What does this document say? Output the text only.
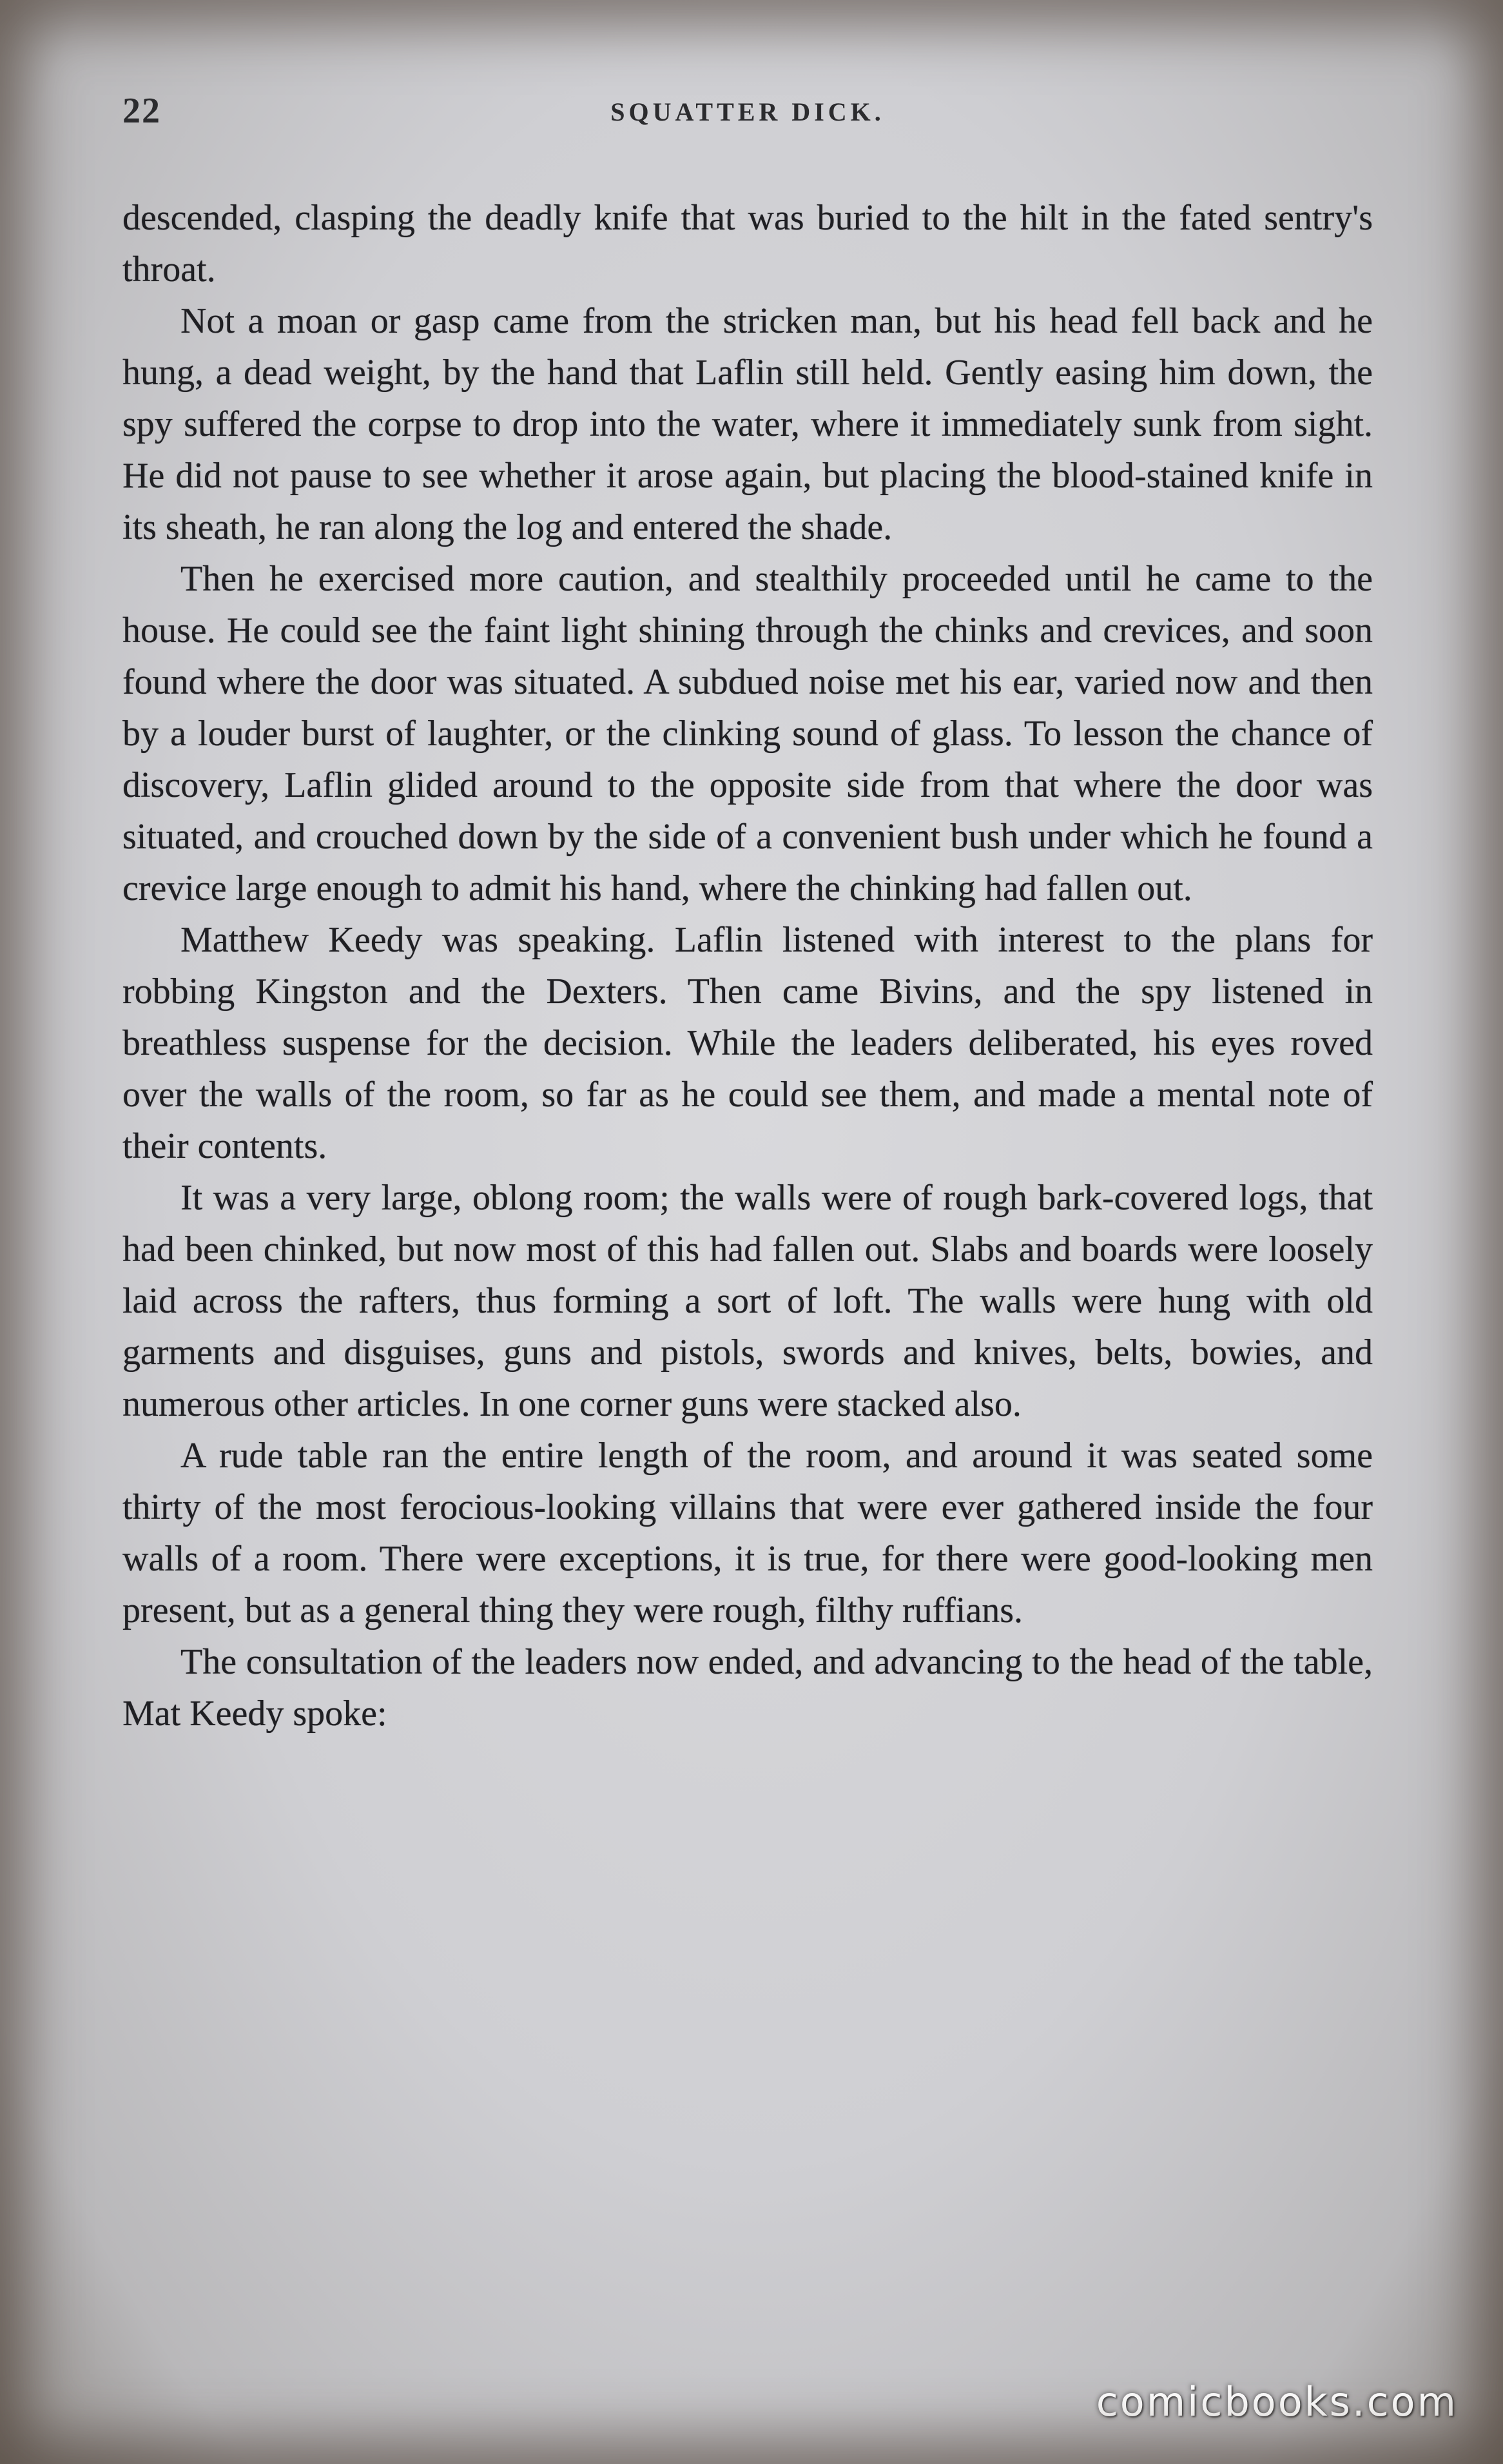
22	SQUATTER DICK.

descended, clasping the deadly knife that was buried to the hilt in the fated sentry's throat.

Not a moan or gasp came from the stricken man, but his head fell back and he hung, a dead weight, by the hand that Laflin still held. Gently easing him down, the spy suffered the corpse to drop into the water, where it immediately sunk from sight. He did not pause to see whether it arose again, but placing the blood-stained knife in its sheath, he ran along the log and entered the shade.

Then he exercised more caution, and stealthily proceeded until he came to the house. He could see the faint light shining through the chinks and crevices, and soon found where the door was situated. A subdued noise met his ear, varied now and then by a louder burst of laughter, or the clinking sound of glass. To lesson the chance of discovery, Laflin glided around to the opposite side from that where the door was situated, and crouched down by the side of a convenient bush under which he found a crevice large enough to admit his hand, where the chinking had fallen out.

Matthew Keedy was speaking. Laflin listened with interest to the plans for robbing Kingston and the Dexters. Then came Bivins, and the spy listened in breathless suspense for the decision. While the leaders deliberated, his eyes roved over the walls of the room, so far as he could see them, and made a mental note of their contents.

It was a very large, oblong room; the walls were of rough bark-covered logs, that had been chinked, but now most of this had fallen out. Slabs and boards were loosely laid across the rafters, thus forming a sort of loft. The walls were hung with old garments and disguises, guns and pistols, swords and knives, belts, bowies, and numerous other articles. In one corner guns were stacked also.

A rude table ran the entire length of the room, and around it was seated some thirty of the most ferocious-looking villains that were ever gathered inside the four walls of a room. There were exceptions, it is true, for there were good-looking men present, but as a general thing they were rough, filthy ruffians.

The consultation of the leaders now ended, and advancing to the head of the table, Mat Keedy spoke:

comicbooks.com
